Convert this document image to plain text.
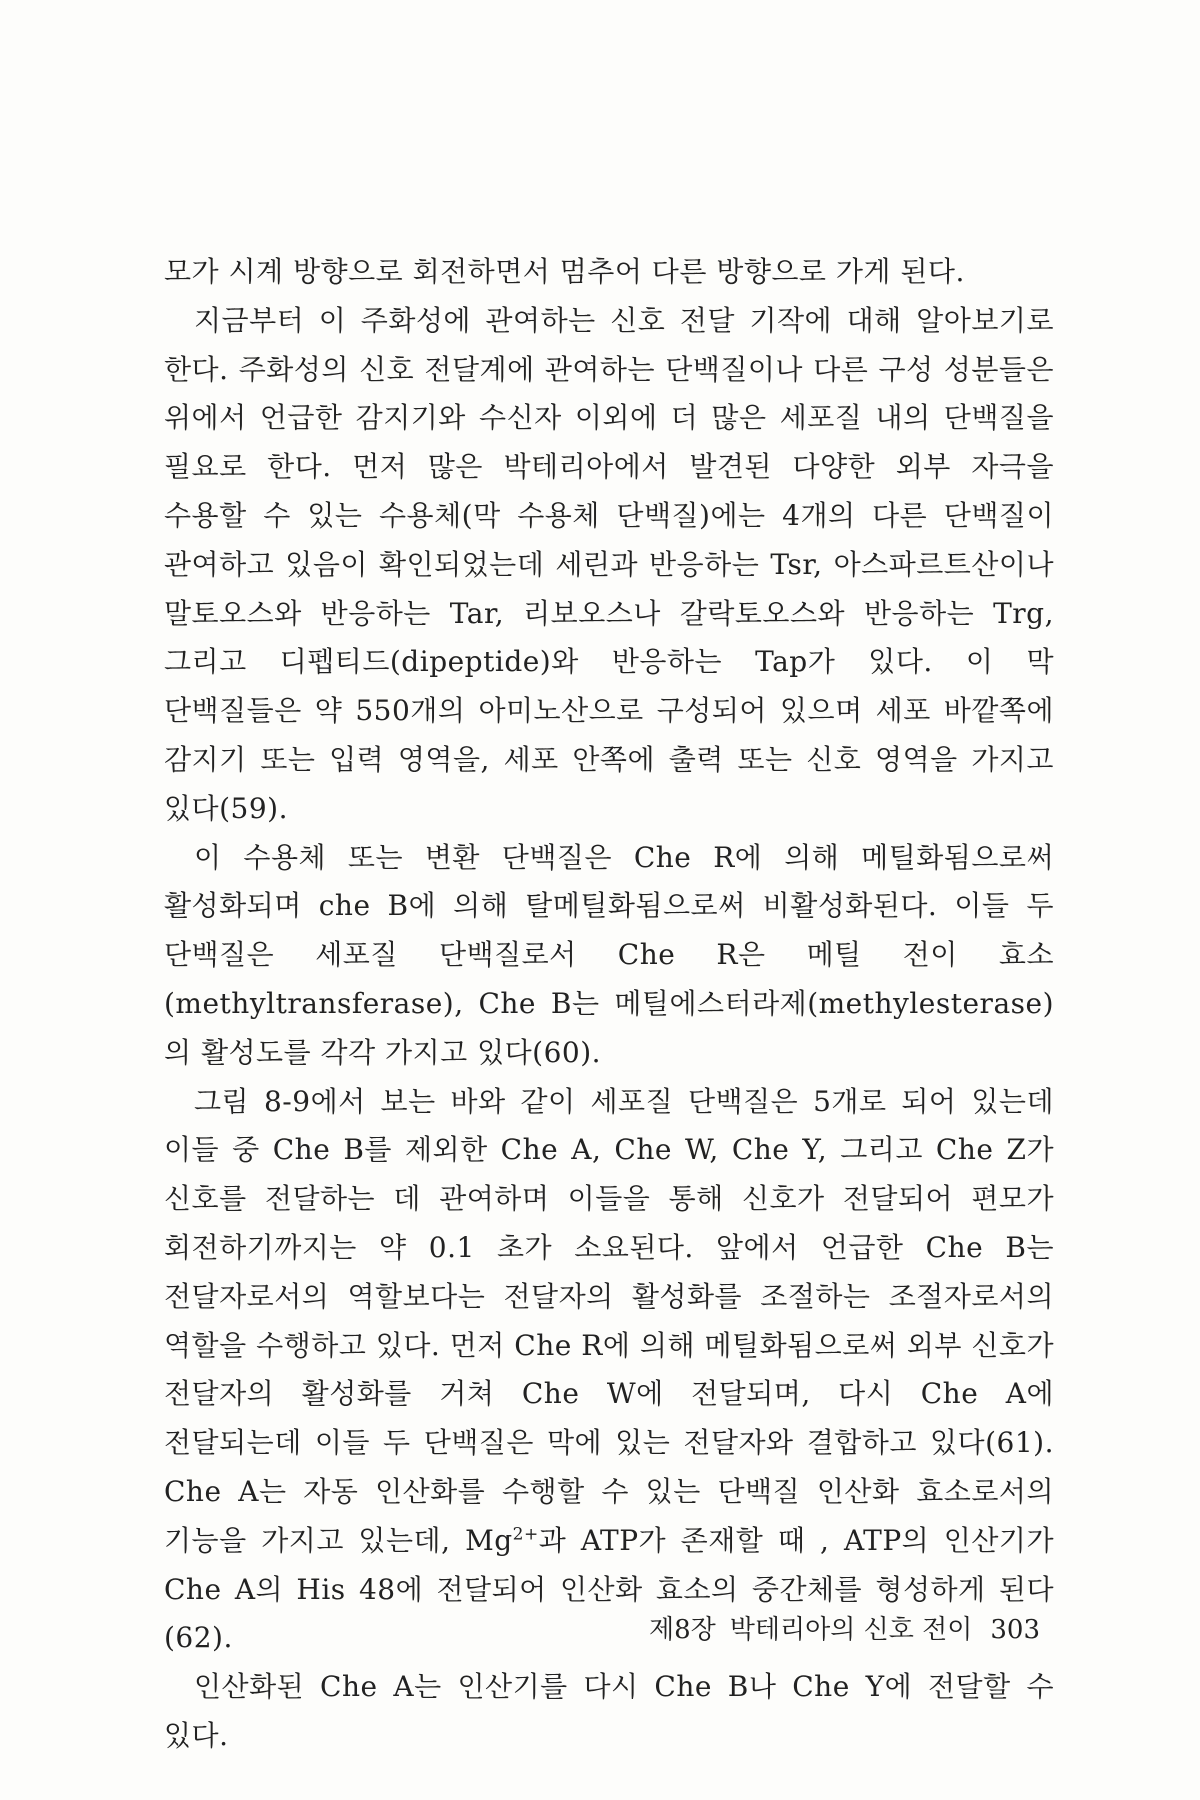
모가 시계 방향으로 회전하면서 멈추어 다른 방향으로 가게 된다.

지금부터 이 주화성에 관여하는 신호 전달 기작에 대해 알아보기로 한다. 주화성의 신호 전달계에 관여하는 단백질이나 다른 구성 성분들은 위에서 언급한 감지기와 수신자 이외에 더 많은 세포질 내의 단백질을 필요로 한다. 먼저 많은 박테리아에서 발견된 다양한 외부 자극을 수용할 수 있는 수용체(막 수용체 단백질)에는 4개의 다른 단백질이 관여하고 있음이 확인되었는데 세린과 반응하는 Tsr, 아스파르트산이나 말토오스와 반응하는 Tar, 리보오스나 갈락토오스와 반응하는 Trg, 그리고 디펩티드(dipeptide)와 반응하는 Tap가 있다. 이 막 단백질들은 약 550개의 아미노산으로 구성되어 있으며 세포 바깥쪽에 감지기 또는 입력 영역을, 세포 안쪽에 출력 또는 신호 영역을 가지고 있다(59).

이 수용체 또는 변환 단백질은 Che R에 의해 메틸화됨으로써 활성화되며 che B에 의해 탈메틸화됨으로써 비활성화된다. 이들 두 단백질은 세포질 단백질로서 Che R은 메틸 전이 효소(methyltransferase), Che B는 메틸에스터라제(methylesterase)의 활성도를 각각 가지고 있다(60).

그림 8-9에서 보는 바와 같이 세포질 단백질은 5개로 되어 있는데 이들 중 Che B를 제외한 Che A, Che W, Che Y, 그리고 Che Z가 신호를 전달하는 데 관여하며 이들을 통해 신호가 전달되어 편모가 회전하기까지는 약 0.1 초가 소요된다. 앞에서 언급한 Che B는 전달자로서의 역할보다는 전달자의 활성화를 조절하는 조절자로서의 역할을 수행하고 있다. 먼저 Che R에 의해 메틸화됨으로써 외부 신호가 전달자의 활성화를 거쳐 Che W에 전달되며, 다시 Che A에 전달되는데 이들 두 단백질은 막에 있는 전달자와 결합하고 있다(61). Che A는 자동 인산화를 수행할 수 있는 단백질 인산화 효소로서의 기능을 가지고 있는데, $Mg^{2+}$과 ATP가 존재할 때 , ATP의 인산기가 Che A의 His 48에 전달되어 인산화 효소의 중간체를 형성하게 된다(62).

인산화된 Che A는 인산기를 다시 Che B나 Che Y에 전달할 수 있다.

제8장 박테리아의 신호 전이 303
